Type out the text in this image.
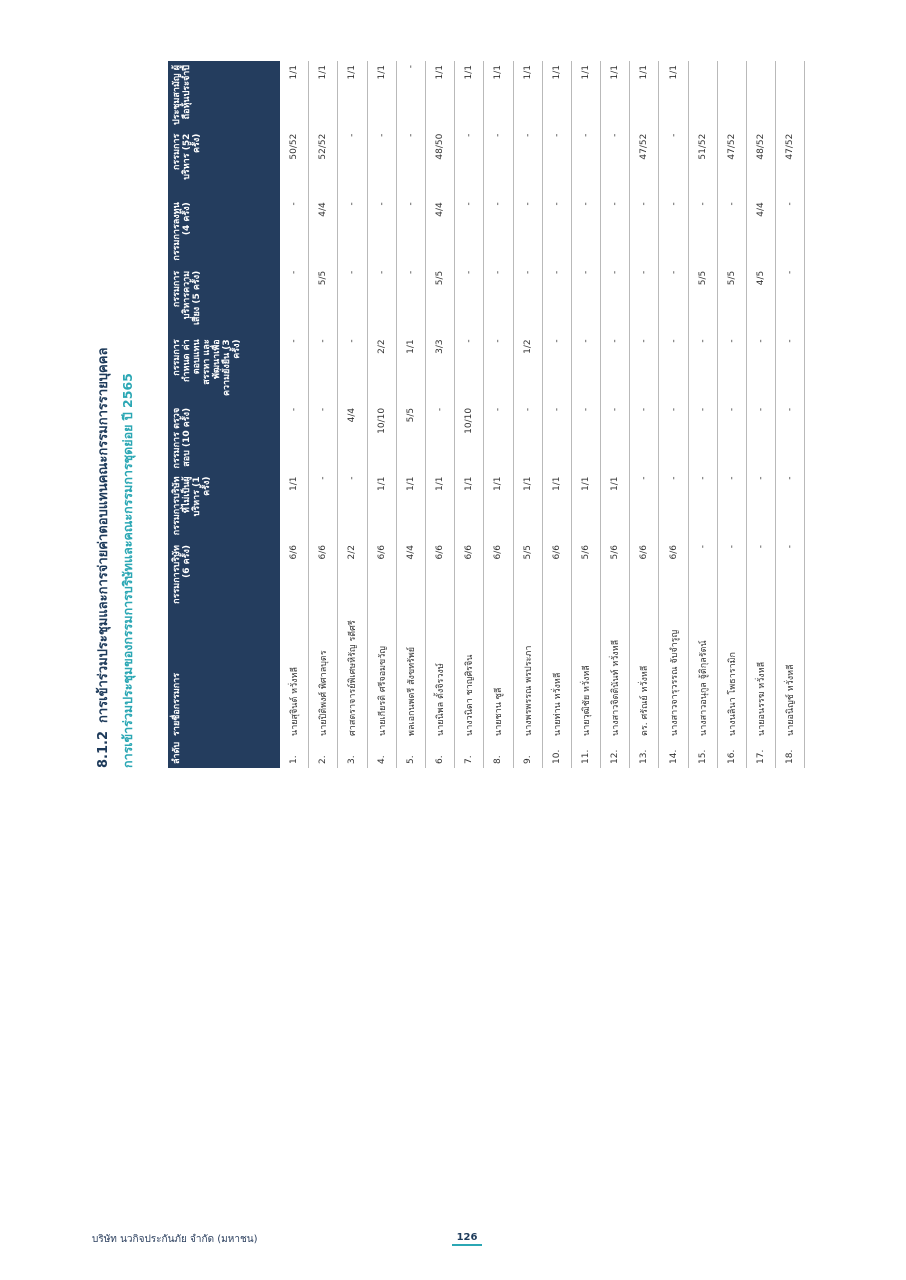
8.1.2การเข้าร่วมประชุมและการจ่ายค่าตอบแทนคณะกรรมการรายบุคคล การเข้าร่วมประชุมของกรรมการบริษัทและคณะกรรมการชุดย่อย ปี 2565	ลำดับ	รายชื่อกรรมการ	กรรมการบริษัท (6 ครั้ง)	กรรมการบริษัท ที่ไม่เป็นผู้บริหาร (1 ครั้ง)	กรรมการ ตรวจสอบ (10 ครั้ง)	กรรมการกำหนด ค่าตอบแทนสรรหา และพัฒนาเพื่อ ความยั่งยืน (3 ครั้ง)	กรรมการ บริหารความเสี่ยง (5 ครั้ง)	กรรมการลงทุน (4 ครั้ง)	กรรมการบริหาร (52 ครั้ง)	ประชุมสามัญ ผู้ถือหุ้นประจำปี
1.	นายสุจินต์ หวั่งหลี	6/6	1/1	-	-	-	-	50/52	1/1
2.	นายปิติพงศ์ พิศาลบุตร	6/6	-	-	-	5/5	4/4	52/52	1/1
3.	ศาสตราจารย์พิเศษหิรัญ รดีศรี	2/2	-	4/4	-	-	-	-	1/1
4.	นายเกียรติ ศรีจอมขวัญ	6/6	1/1	10/10	2/2	-	-	-	1/1
5.	พลเอกนพดรี สังขทรัพย์	4/4	1/1	5/5	1/1	-	-	-	-
6.	นายนิพล ตั้งจิรวงษ์	6/6	1/1	-	3/3	5/5	4/4	48/50	1/1
7.	นางวนิดา ชาญศิรจิน	6/6	1/1	10/10	-	-	-	-	1/1
8.	นายชาน ซูลี	6/6	1/1	-	-	-	-	-	1/1
9.	นางพรพรรณ พรประภา	5/5	1/1	-	1/2	-	-	-	1/1
10.	นายท่าน หวั่งหลี	6/6	1/1	-	-	-	-	-	1/1
11.	นายวุฒิชัย หวั่งหลี	5/6	1/1	-	-	-	-	-	1/1
12.	นางสาวจิตตินันท์ หวั่งหลี	5/6	1/1	-	-	-	-	-	1/1
13.	ดร. ศรัณย์ หวั่งหลี	6/6	-	-	-	-	-	47/52	1/1
14.	นางสาวจารุวรรณ จับจำรูญ	6/6	-	-	-	-	-	-	1/1
15.	นางสาวอนุกูล จู้ติกุลรัตน์	-	-	-	-	5/5	-	51/52	
16.	นางนลินา โพธารามิก	-	-	-	-	5/5	-	47/52	
17.	นายอนรรฆ หวั่งหลี	-	-	-	-	4/5	4/4	48/52	
18.	นายอนิญช์ หวั่งหลี	-	-	-	-	-	-	47/52	
บริษัท นวกิจประกันภัย จำกัด (มหาชน)	126
